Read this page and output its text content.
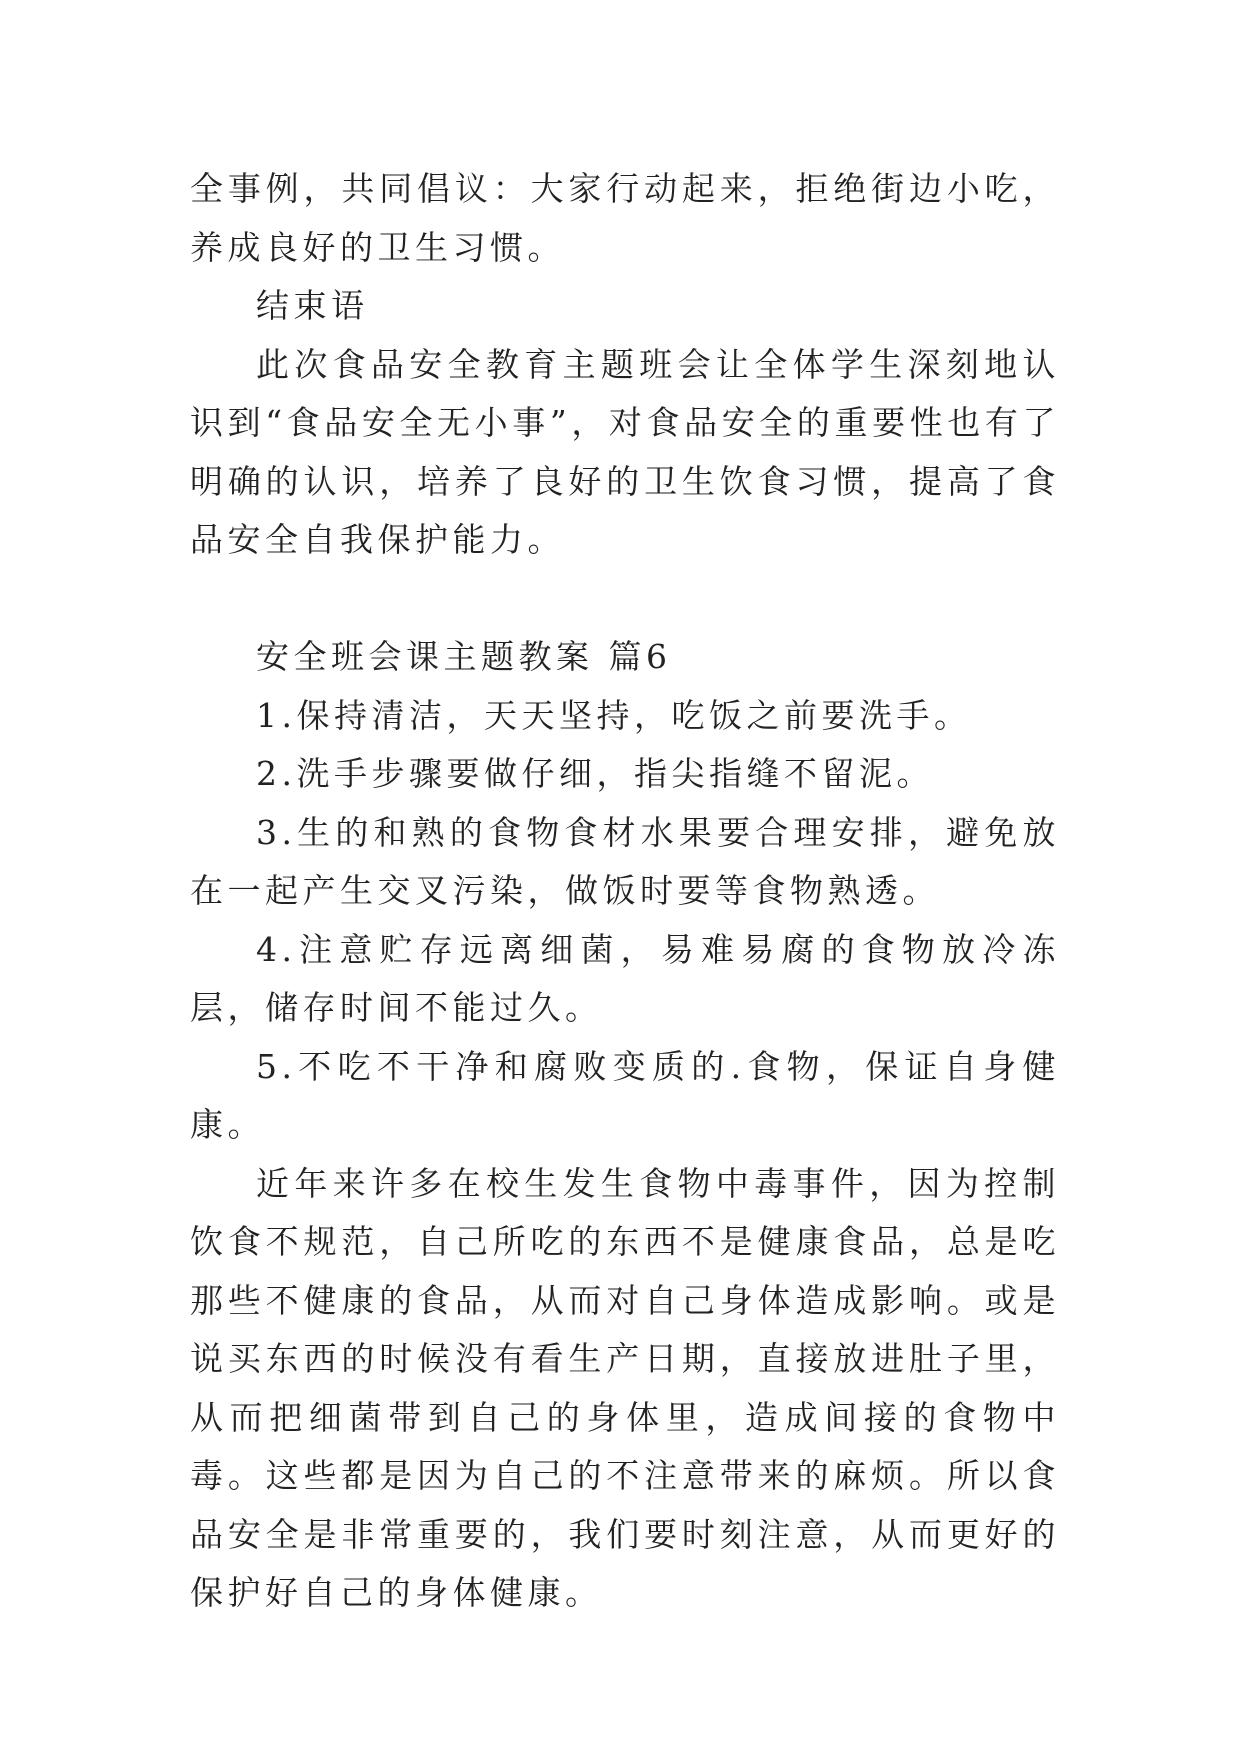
全事例，共同倡议：大家行动起来，拒绝街边小吃，养成良好的卫生习惯。

结束语

此次食品安全教育主题班会让全体学生深刻地认识到“食品安全无小事”，对食品安全的重要性也有了明确的认识，培养了良好的卫生饮食习惯，提高了食品安全自我保护能力。

安全班会课主题教案 篇6

1.保持清洁，天天坚持，吃饭之前要洗手。

2.洗手步骤要做仔细，指尖指缝不留泥。

3.生的和熟的食物食材水果要合理安排，避免放在一起产生交叉污染，做饭时要等食物熟透。

4.注意贮存远离细菌，易难易腐的食物放冷冻层，储存时间不能过久。

5.不吃不干净和腐败变质的.食物，保证自身健康。

近年来许多在校生发生食物中毒事件，因为控制饮食不规范，自己所吃的东西不是健康食品，总是吃那些不健康的食品，从而对自己身体造成影响。或是说买东西的时候没有看生产日期，直接放进肚子里，从而把细菌带到自己的身体里，造成间接的食物中毒。这些都是因为自己的不注意带来的麻烦。所以食品安全是非常重要的，我们要时刻注意，从而更好的保护好自己的身体健康。
